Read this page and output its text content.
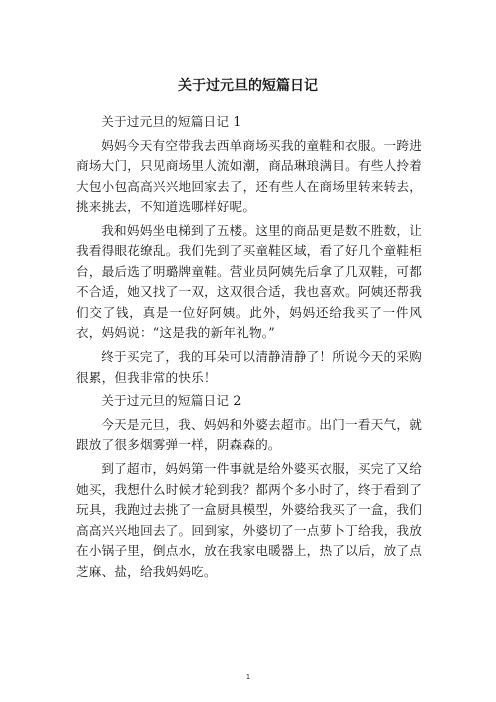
关于过元旦的短篇日记

关于过元旦的短篇日记 1

妈妈今天有空带我去西单商场买我的童鞋和衣服。一跨进商场大门，只见商场里人流如潮，商品琳琅满目。有些人拎着大包小包高高兴兴地回家去了，还有些人在商场里转来转去，挑来挑去，不知道选哪样好呢。

我和妈妈坐电梯到了五楼。这里的商品更是数不胜数，让我看得眼花缭乱。我们先到了买童鞋区域，看了好几个童鞋柜台，最后选了明璐牌童鞋。营业员阿姨先后拿了几双鞋，可都不合适，她又找了一双，这双很合适，我也喜欢。阿姨还帮我们交了钱，真是一位好阿姨。此外，妈妈还给我买了一件风衣，妈妈说：“这是我的新年礼物。”

终于买完了，我的耳朵可以清静清静了！所说今天的采购很累，但我非常的快乐！

关于过元旦的短篇日记 2

今天是元旦，我、妈妈和外婆去超市。出门一看天气，就跟放了很多烟雾弹一样，阴森森的。

到了超市，妈妈第一件事就是给外婆买衣服，买完了又给她买，我想什么时候才轮到我？都两个多小时了，终于看到了玩具，我跑过去挑了一盒厨具模型，外婆给我买了一盒，我们高高兴兴地回去了。回到家，外婆切了一点萝卜丁给我，我放在小锅子里，倒点水，放在我家电暖器上，热了以后，放了点芝麻、盐，给我妈妈吃。

1
